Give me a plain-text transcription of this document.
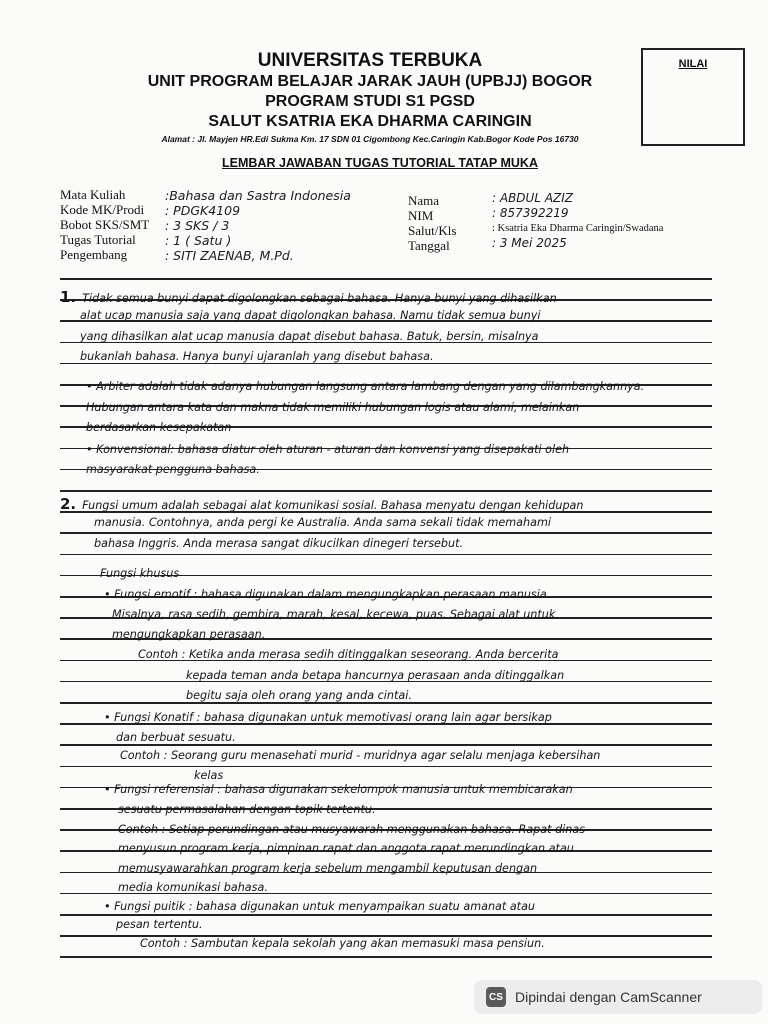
UNIVERSITAS TERBUKA
UNIT PROGRAM BELAJAR JARAK JAUH (UPBJJ) BOGOR
PROGRAM STUDI S1 PGSD
SALUT KSATRIA EKA DHARMA CARINGIN
Alamat : Jl. Mayjen HR.Edi Sukma Km. 17 SDN 01 Cigombong Kec.Caringin Kab.Bogor Kode Pos 16730
NILAI
LEMBAR JAWABAN TUGAS TUTORIAL TATAP MUKA
Mata Kuliah
Kode MK/Prodi
Bobot SKS/SMT
Tugas Tutorial
Pengembang
:Bahasa dan Sastra Indonesia
: PDGK4109
: 3 SKS / 3
: 1 ( Satu )
: SITI ZAENAB, M.Pd.
Nama
NIM
Salut/Kls
Tanggal
: ABDUL AZIZ
: 857392219
: Ksatria Eka Dharma Caringin/Swadana
: 3 Mei 2025
1. Tidak semua bunyi dapat digolongkan sebagai bahasa. Hanya bunyi yang dihasilkan
alat ucap manusia saja yang dapat digolongkan bahasa. Namu tidak semua bunyi
yang dihasilkan alat ucap manusia dapat disebut bahasa. Batuk, bersin, misalnya
bukanlah bahasa. Hanya bunyi ujaranlah yang disebut bahasa.
• Arbiter adalah tidak adanya hubungan langsung antara lambang dengan yang dilambangkannya.
Hubungan antara kata dan makna tidak memiliki hubungan logis atau alami, melainkan
berdasarkan kesepakatan
• Konvensional: bahasa diatur oleh aturan - aturan dan konvensi yang disepakati oleh
masyarakat pengguna bahasa.
2. Fungsi umum adalah sebagai alat komunikasi sosial. Bahasa menyatu dengan kehidupan
manusia. Contohnya, anda pergi ke Australia. Anda sama sekali tidak memahami
bahasa Inggris. Anda merasa sangat dikucilkan dinegeri tersebut.
Fungsi khusus
• Fungsi emotif : bahasa digunakan dalam mengungkapkan perasaan manusia.
Misalnya, rasa sedih, gembira, marah, kesal, kecewa, puas. Sebagai alat untuk
mengungkapkan perasaan.
Contoh : Ketika anda merasa sedih ditinggalkan seseorang. Anda bercerita
kepada teman anda betapa hancurnya perasaan anda ditinggalkan
begitu saja oleh orang yang anda cintai.
• Fungsi Konatif : bahasa digunakan untuk memotivasi orang lain agar bersikap
dan berbuat sesuatu.
Contoh : Seorang guru menasehati murid - muridnya agar selalu menjaga kebersihan
kelas
• Fungsi referensial : bahasa digunakan sekelompok manusia untuk membicarakan
sesuatu permasalahan dengan topik tertentu.
Contoh : Setiap perundingan atau musyawarah menggunakan bahasa. Rapat dinas
menyusun program kerja, pimpinan rapat dan anggota rapat merundingkan atau
memusyawarahkan program kerja sebelum mengambil keputusan dengan
media komunikasi bahasa.
• Fungsi puitik : bahasa digunakan untuk menyampaikan suatu amanat atau
pesan tertentu.
Contoh : Sambutan kepala sekolah yang akan memasuki masa pensiun.
CS Dipindai dengan CamScanner
